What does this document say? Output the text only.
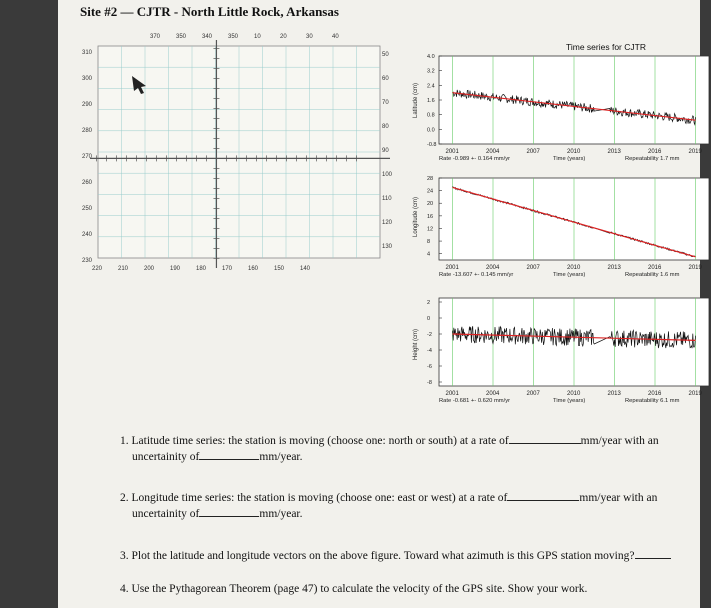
Site #2 — CJTR - North Little Rock, Arkansas
370	350	340	350	10	20	30	40
310
300
290
280
270
260
250
240
230
220	210	200	190	180	170	160	150	140
50
60
70
80
90
100
110
120
130
Time series for CJTR
2001	2004	2007	2010	2013	2016	2019
4.0
3.2
2.4
1.6
0.8
0.0
-0.8
Latitude (cm)
Rate -0.989 +- 0.164 mm/yr	Time (years)	Repeatability 1.7 mm
2001	2004	2007	2010	2013	2016	2019
28
24
20
16
12
8
4
Longitude (cm)
Rate -13.607 +- 0.145 mm/yr	Time (years)	Repeatability 1.6 mm
2001	2004	2007	2010	2013	2016	2019
2
0
-2
-4
-6
-8
Height (cm)
Rate -0.681 +- 0.620 mm/yr	Time (years)	Repeatability 6.1 mm
1. Latitude time series: the station is moving (choose one: north or south) at a rate of	mm/year with an
uncertainity of	mm/year.
2. Longitude time series: the station is moving (choose one: east or west) at a rate of	mm/year with an
uncertainity of	mm/year.
3. Plot the latitude and longitude vectors on the above figure. Toward what azimuth is this GPS station moving?
4. Use the Pythagorean Theorem (page 47) to calculate the velocity of the GPS site. Show your work.
